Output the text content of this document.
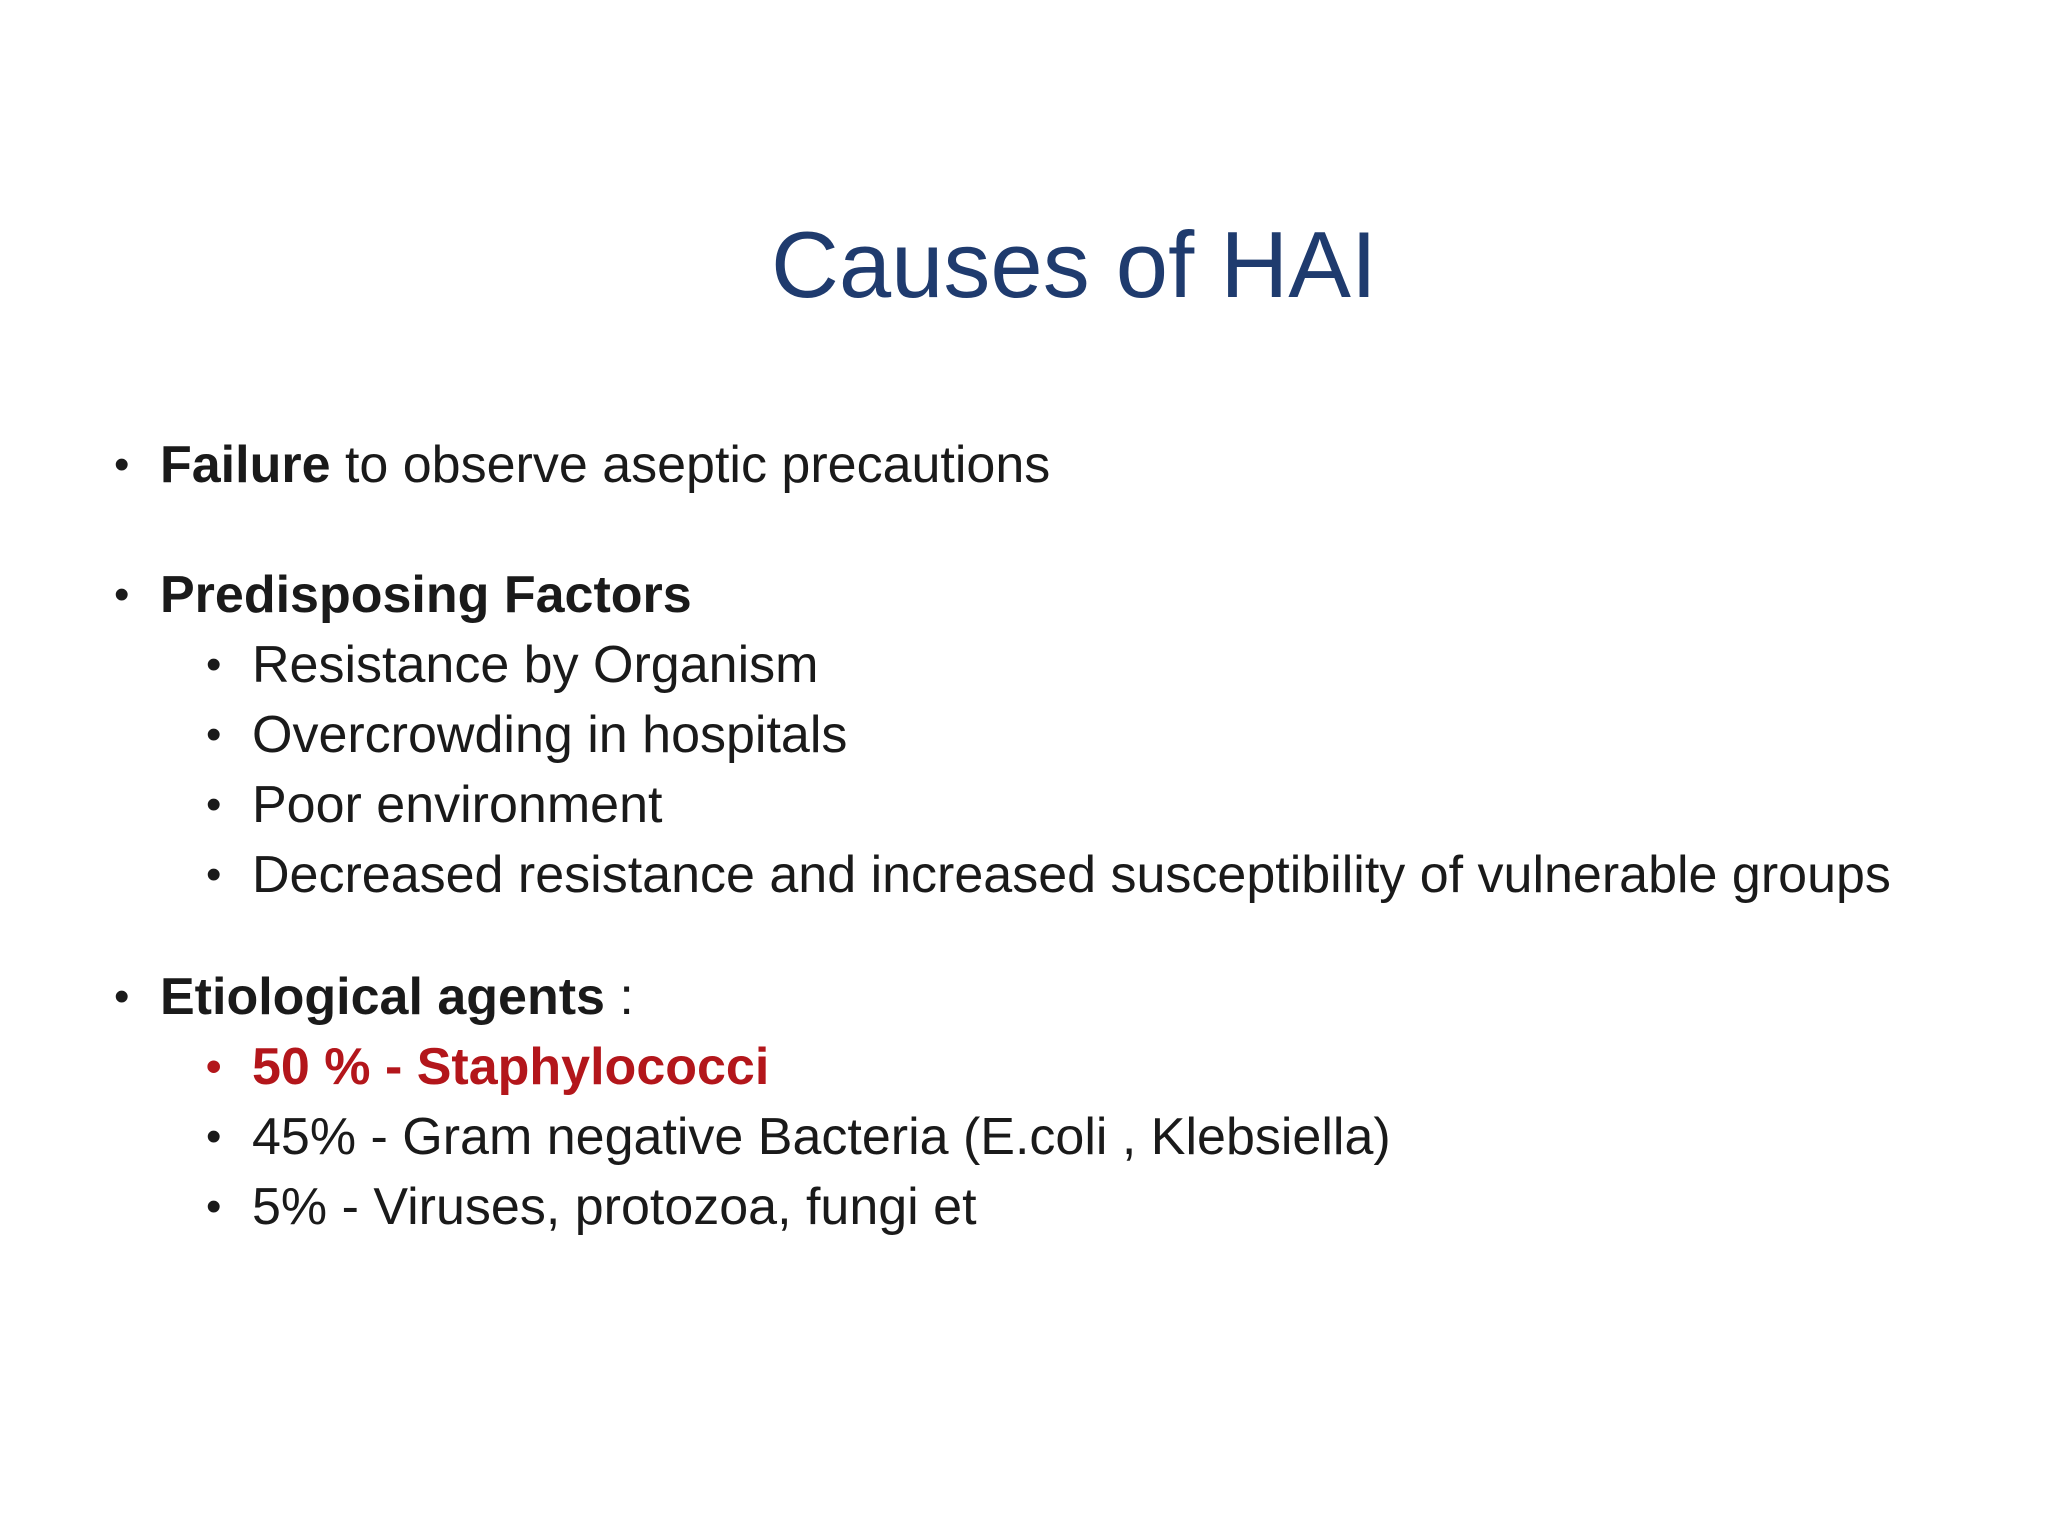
Causes of HAI
• Failure to observe aseptic precautions
• Predisposing Factors
• Resistance by Organism
• Overcrowding in hospitals
• Poor environment
• Decreased resistance and increased susceptibility of vulnerable groups
• Etiological agents :
• 50 % - Staphylococci
• 45% - Gram negative Bacteria (E.coli , Klebsiella)
• 5% - Viruses, protozoa, fungi et
